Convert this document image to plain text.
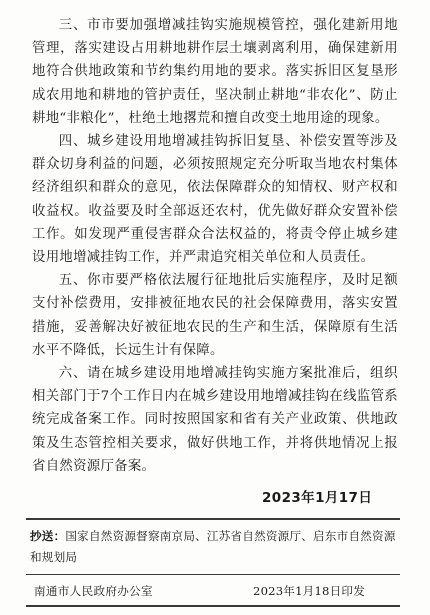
三、市市要加强增减挂钩实施规模管控，强化建新用地管理，落实建设占用耕地耕作层土壤剥离利用，确保建新用地符合供地政策和节约集约用地的要求。落实拆旧区复垦形成农用地和耕地的管护责任，坚决制止耕地“非农化”、防止耕地“非粮化”，杜绝土地撂荒和擅自改变土地用途的现象。

四、城乡建设用地增减挂钩拆旧复垦、补偿安置等涉及群众切身利益的问题，必须按照规定充分听取当地农村集体经济组织和群众的意见，依法保障群众的知情权、财产权和收益权。收益要及时全部返还农村，优先做好群众安置补偿工作。如发现严重侵害群众合法权益的，将责令停止城乡建设用地增减挂钩工作，并严肃追究相关单位和人员责任。

五、你市要严格依法履行征地批后实施程序，及时足额支付补偿费用，安排被征地农民的社会保障费用，落实安置措施，妥善解决好被征地农民的生产和生活，保障原有生活水平不降低，长远生计有保障。

六、请在城乡建设用地增减挂钩实施方案批准后，组织相关部门于7个工作日内在城乡建设用地增减挂钩在线监管系统完成备案工作。同时按照国家和省有关产业政策、供地政策及生态管控相关要求，做好供地工作，并将供地情况上报省自然资源厅备案。

2023年1月17日
抄送：国家自然资源督察南京局、江苏省自然资源厅、启东市自然资源和规划局
南通市人民政府办公室	2023年1月18日印发
